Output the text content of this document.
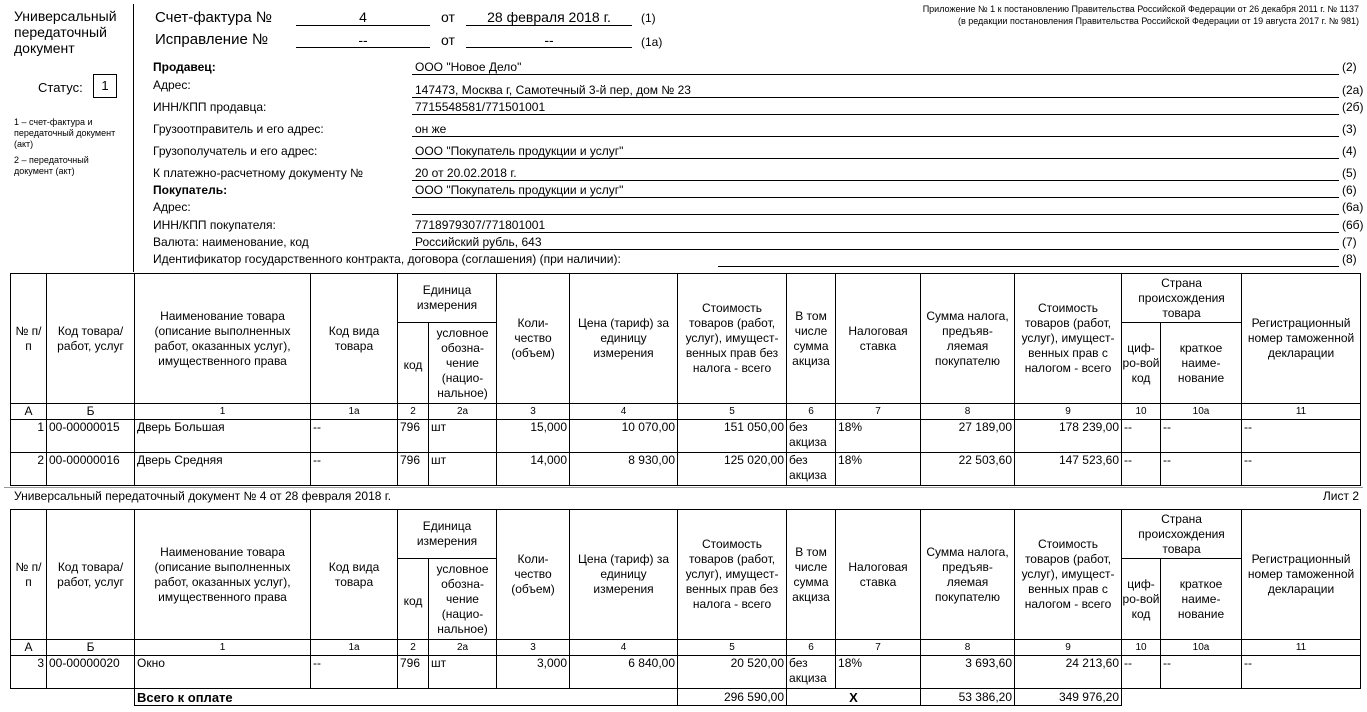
Универсальный передаточный документ
Статус:	1
1 – счет-фактура и передаточный документ (акт)
2 – передаточный документ (акт)
Счет-фактура №	4	от	28 февраля 2018 г.	(1)
Исправление №	--	от	--	(1а)
Приложение № 1 к постановлению Правительства Российской Федерации от 26 декабря 2011 г. № 1137
(в редакции постановления Правительства Российской Федерации от 19 августа 2017 г. № 981)
Продавец:	ООО "Новое Дело"	(2)
Адрес:	147473, Москва г, Самотечный 3-й пер, дом № 23	(2а)
ИНН/КПП продавца:	7715548581/771501001	(2б)
Грузоотправитель и его адрес:	он же	(3)
Грузополучатель и его адрес:	ООО "Покупатель продукции и услуг"	(4)
К платежно-расчетному документу №	20 от 20.02.2018 г.	(5)
Покупатель:	ООО "Покупатель продукции и услуг"	(6)
Адрес:	(6а)
ИНН/КПП покупателя:	7718979307/771801001	(6б)
Валюта: наименование, код	Российский рубль, 643	(7)
Идентификатор государственного контракта, договора (соглашения) (при наличии):	(8)
№ п/п	Код товара/ работ, услуг	Наименование товара (описание выполненных работ, оказанных услуг), имущественного права	Код вида товара	Единица измерения		Коли-чество (объем)	Цена (тариф) за единицу измерения	Стоимость товаров (работ, услуг), имущест-венных прав без налога - всего	В том числе сумма акциза	Налоговая ставка	Сумма налога, предъяв-ляемая покупателю	Стоимость товаров (работ, услуг), имущест-венных прав с налогом - всего	Страна происхождения товара		Регистрационный номер таможенной декларации
				код	условное обозна-чение (нацио-нальное)								циф-ро-вой код	краткое наиме-нование	
А	Б	1	1а	2	2а	3	4	5	6	7	8	9	10	10а	11
1	00-00000015	Дверь Большая	--	796	шт	15,000	10 070,00	151 050,00	без акциза	18%	27 189,00	178 239,00	--	--	--
2	00-00000016	Дверь Средняя	--	796	шт	14,000	8 930,00	125 020,00	без акциза	18%	22 503,60	147 523,60	--	--	--
Универсальный передаточный документ № 4 от 28 февраля 2018 г.	Лист 2
№ п/п	Код товара/ работ, услуг	Наименование товара (описание выполненных работ, оказанных услуг), имущественного права	Код вида товара	Единица измерения		Коли-чество (объем)	Цена (тариф) за единицу измерения	Стоимость товаров (работ, услуг), имущест-венных прав без налога - всего	В том числе сумма акциза	Налоговая ставка	Сумма налога, предъяв-ляемая покупателю	Стоимость товаров (работ, услуг), имущест-венных прав с налогом - всего	Страна происхождения товара		Регистрационный номер таможенной декларации
				код	условное обозна-чение (нацио-нальное)								циф-ро-вой код	краткое наиме-нование	
А	Б	1	1а	2	2а	3	4	5	6	7	8	9	10	10а	11
3	00-00000020	Окно	--	796	шт	3,000	6 840,00	20 520,00	без акциза	18%	3 693,60	24 213,60	--	--	--
		Всего к оплате						296 590,00	Х		53 386,20	349 976,20			
